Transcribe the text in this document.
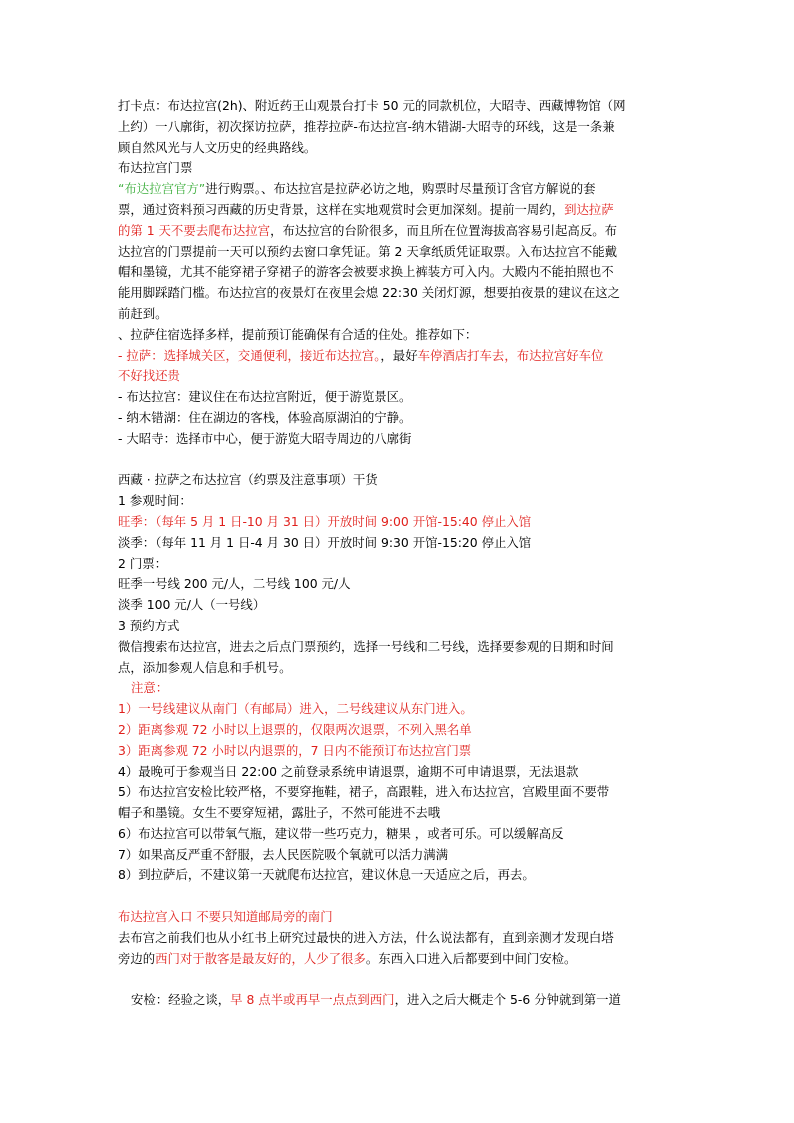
打卡点：布达拉宫(2h)、附近药王山观景台打卡 50 元的同款机位，大昭寺、西藏博物馆（网
上约）一八廓街，初次探访拉萨，推荐拉萨-布达拉宫-纳木错湖-大昭寺的环线，这是一条兼
顾自然风光与人文历史的经典路线。
布达拉宫门票
“布达拉宫官方”进行购票。、布达拉宫是拉萨必访之地，购票时尽量预订含官方解说的套
票，通过资料预习西藏的历史背景，这样在实地观赏时会更加深刻。提前一周约，到达拉萨
的第 1 天不要去爬布达拉宫，布达拉宫的台阶很多，而且所在位置海拔高容易引起高反。布
达拉宫的门票提前一天可以预约去窗口拿凭证。第 2 天拿纸质凭证取票。入布达拉宫不能戴
帽和墨镜，尤其不能穿裙子穿裙子的游客会被要求换上裤装方可入内。大殿内不能拍照也不
能用脚踩踏门槛。布达拉宫的夜景灯在夜里会熄 22:30 关闭灯源，想要拍夜景的建议在这之
前赶到。
、拉萨住宿选择多样，提前预订能确保有合适的住处。推荐如下：
- 拉萨：选择城关区，交通便利，接近布达拉宫。，最好车停酒店打车去，布达拉宫好车位
不好找还贵
- 布达拉宫：建议住在布达拉宫附近，便于游览景区。
- 纳木错湖：住在湖边的客栈，体验高原湖泊的宁静。
- 大昭寺：选择市中心，便于游览大昭寺周边的八廓街
西藏 · 拉萨之布达拉宫（约票及注意事项）干货
1 参观时间：
旺季：（每年 5 月 1 日-10 月 31 日）开放时间 9:00 开馆-15:40 停止入馆
淡季：（每年 11 月 1 日-4 月 30 日）开放时间 9:30 开馆-15:20 停止入馆
2 门票：
旺季一号线 200 元/人，二号线 100 元/人
淡季 100 元/人（一号线）
3 预约方式
微信搜索布达拉宫，进去之后点门票预约，选择一号线和二号线，选择要参观的日期和时间
点，添加参观人信息和手机号。
注意：
1）一号线建议从南门（有邮局）进入，二号线建议从东门进入。
2）距离参观 72 小时以上退票的，仅限两次退票，不列入黑名单
3）距离参观 72 小时以内退票的，7 日内不能预订布达拉宫门票
4）最晚可于参观当日 22:00 之前登录系统申请退票，逾期不可申请退票，无法退款
5）布达拉宫安检比较严格，不要穿拖鞋，裙子，高跟鞋，进入布达拉宫，宫殿里面不要带
帽子和墨镜。女生不要穿短裙，露肚子，不然可能进不去哦
6）布达拉宫可以带氧气瓶，建议带一些巧克力，糖果 ，或者可乐。可以缓解高反
7）如果高反严重不舒服，去人民医院吸个氧就可以活力满满
8）到拉萨后，不建议第一天就爬布达拉宫，建议休息一天适应之后，再去。
布达拉宫入口 不要只知道邮局旁的南门
去布宫之前我们也从小红书上研究过最快的进入方法，什么说法都有，直到亲测才发现白塔
旁边的西门对于散客是最友好的，人少了很多。东西入口进入后都要到中间门安检。
安检：经验之谈，早 8 点半或再早一点点到西门，进入之后大概走个 5-6 分钟就到第一道
